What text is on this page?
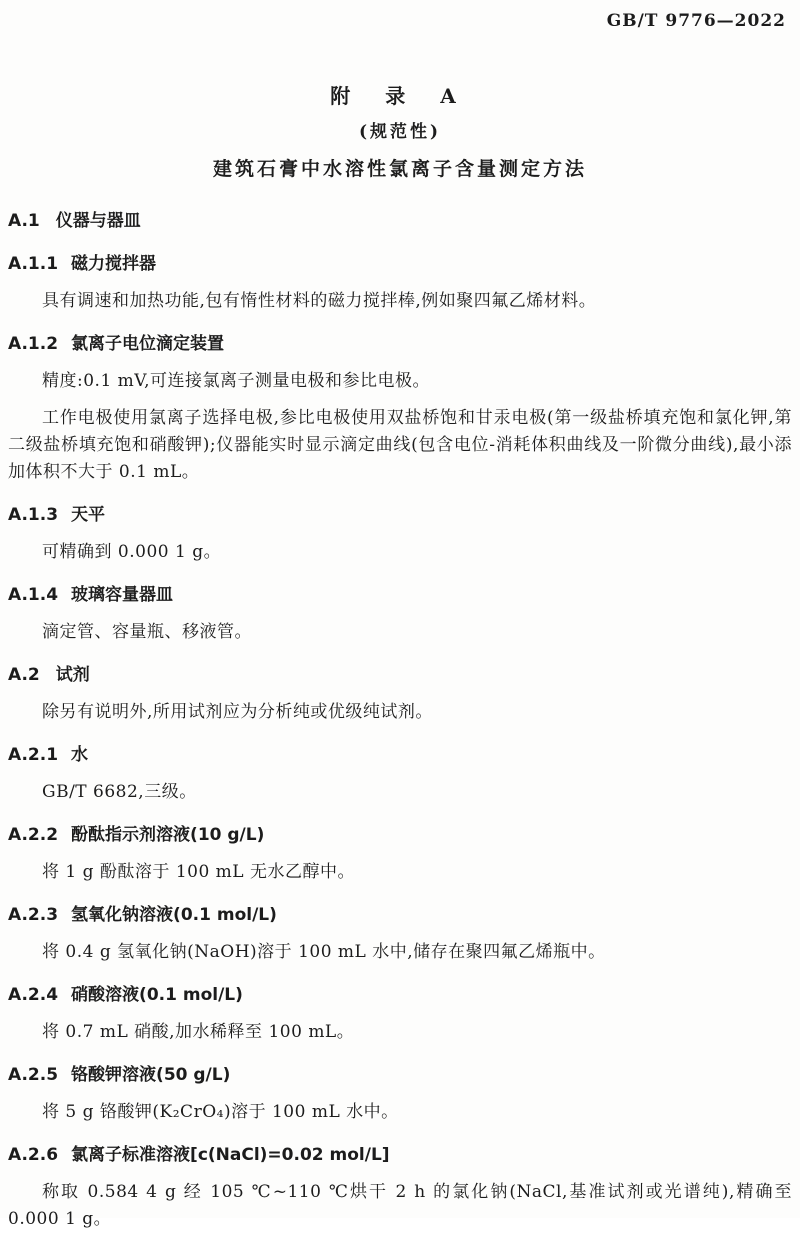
GB/T 9776—2022
附 录 A
(规范性)
建筑石膏中水溶性氯离子含量测定方法
A.1 仪器与器皿
A.1.1 磁力搅拌器

具有调速和加热功能,包有惰性材料的磁力搅拌棒,例如聚四氟乙烯材料。

A.1.2 氯离子电位滴定装置

精度:0.1 mV,可连接氯离子测量电极和参比电极。

工作电极使用氯离子选择电极,参比电极使用双盐桥饱和甘汞电极(第一级盐桥填充饱和氯化钾,第二级盐桥填充饱和硝酸钾);仪器能实时显示滴定曲线(包含电位-消耗体积曲线及一阶微分曲线),最小添加体积不大于 0.1 mL。

A.1.3 天平

可精确到 0.000 1 g。

A.1.4 玻璃容量器皿

滴定管、容量瓶、移液管。

A.2 试剂

除另有说明外,所用试剂应为分析纯或优级纯试剂。

A.2.1 水

GB/T 6682,三级。

A.2.2 酚酞指示剂溶液(10 g/L)

将 1 g 酚酞溶于 100 mL 无水乙醇中。

A.2.3 氢氧化钠溶液(0.1 mol/L)

将 0.4 g 氢氧化钠(NaOH)溶于 100 mL 水中,储存在聚四氟乙烯瓶中。

A.2.4 硝酸溶液(0.1 mol/L)

将 0.7 mL 硝酸,加水稀释至 100 mL。

A.2.5 铬酸钾溶液(50 g/L)

将 5 g 铬酸钾(K₂CrO₄)溶于 100 mL 水中。

A.2.6 氯离子标准溶液[c(NaCl)=0.02 mol/L]

称取 0.584 4 g 经 105 ℃~110 ℃烘干 2 h 的氯化钠(NaCl,基准试剂或光谱纯),精确至 0.000 1 g。
